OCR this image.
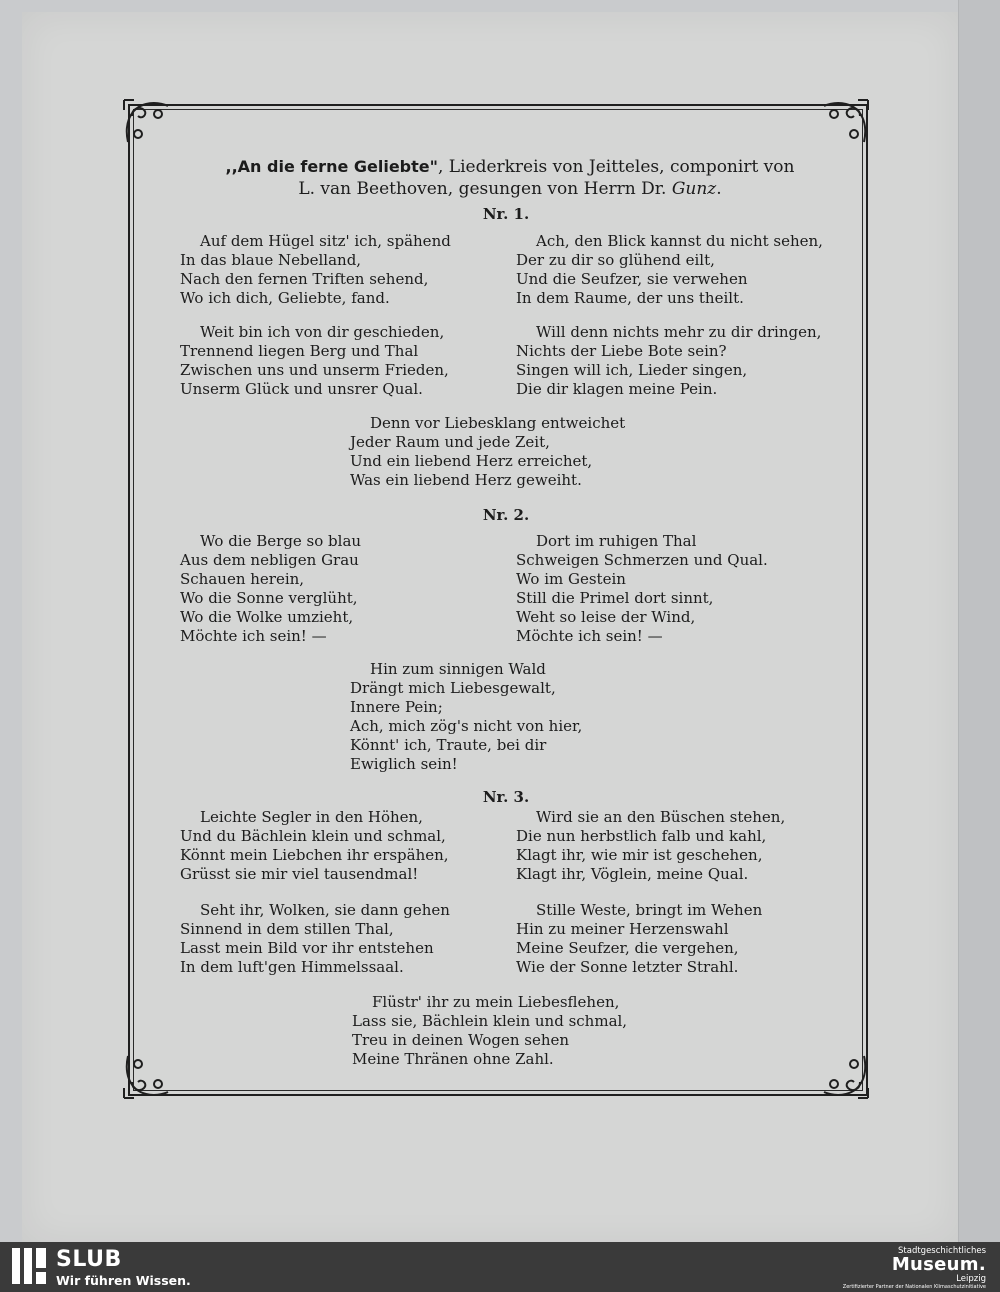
,,An die ferne Geliebte", Liederkreis von Jeitteles, componirt von
L. van Beethoven, gesungen von Herrn Dr. Gunz.
Nr. 1.
Auf dem Hügel sitz' ich, spähend
In das blaue Nebelland,
Nach den fernen Triften sehend,
Wo ich dich, Geliebte, fand.
Ach, den Blick kannst du nicht sehen,
Der zu dir so glühend eilt,
Und die Seufzer, sie verwehen
In dem Raume, der uns theilt.
Weit bin ich von dir geschieden,
Trennend liegen Berg und Thal
Zwischen uns und unserm Frieden,
Unserm Glück und unsrer Qual.
Will denn nichts mehr zu dir dringen,
Nichts der Liebe Bote sein?
Singen will ich, Lieder singen,
Die dir klagen meine Pein.
Denn vor Liebesklang entweichet
Jeder Raum und jede Zeit,
Und ein liebend Herz erreichet,
Was ein liebend Herz geweiht.
Nr. 2.
Wo die Berge so blau
Aus dem nebligen Grau
Schauen herein,
Wo die Sonne verglüht,
Wo die Wolke umzieht,
Möchte ich sein! —
Dort im ruhigen Thal
Schweigen Schmerzen und Qual.
Wo im Gestein
Still die Primel dort sinnt,
Weht so leise der Wind,
Möchte ich sein! —
Hin zum sinnigen Wald
Drängt mich Liebesgewalt,
Innere Pein;
Ach, mich zög's nicht von hier,
Könnt' ich, Traute, bei dir
Ewiglich sein!
Nr. 3.
Leichte Segler in den Höhen,
Und du Bächlein klein und schmal,
Könnt mein Liebchen ihr erspähen,
Grüsst sie mir viel tausendmal!
Wird sie an den Büschen stehen,
Die nun herbstlich falb und kahl,
Klagt ihr, wie mir ist geschehen,
Klagt ihr, Vöglein, meine Qual.
Seht ihr, Wolken, sie dann gehen
Sinnend in dem stillen Thal,
Lasst mein Bild vor ihr entstehen
In dem luft'gen Himmelssaal.
Stille Weste, bringt im Wehen
Hin zu meiner Herzenswahl
Meine Seufzer, die vergehen,
Wie der Sonne letzter Strahl.
Flüstr' ihr zu mein Liebesflehen,
Lass sie, Bächlein klein und schmal,
Treu in deinen Wogen sehen
Meine Thränen ohne Zahl.
SLUB
Wir führen Wissen.
Stadtgeschichtliches
Museum.
Leipzig
Zertifizierter Partner der Nationalen Klimaschutzinitiative
